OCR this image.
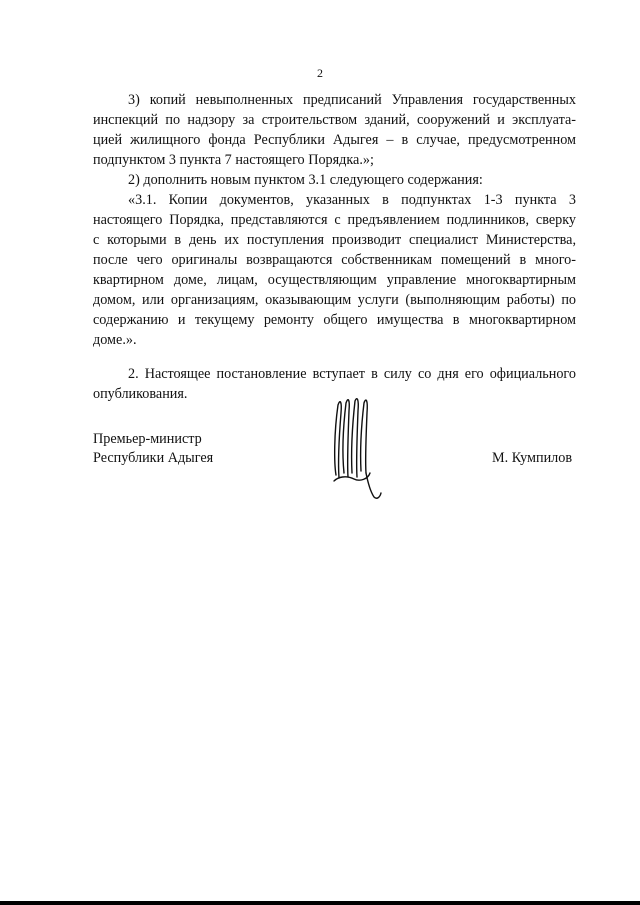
2
3) копий невыполненных предписаний Управления государственных
инспекций по надзору за строительством зданий, сооружений и эксплуата-
цией жилищного фонда Республики Адыгея – в случае, предусмотренном
подпунктом 3 пункта 7 настоящего Порядка.»;
2) дополнить новым пунктом 3.1 следующего содержания:
«3.1. Копии документов, указанных в подпунктах 1-3 пункта 3
настоящего Порядка, представляются с предъявлением подлинников, сверку
с которыми в день их поступления производит специалист Министерства,
после чего оригиналы возвращаются собственникам помещений в много-
квартирном доме, лицам, осуществляющим управление многоквартирным
домом, или организациям, оказывающим услуги (выполняющим работы) по
содержанию и текущему ремонту общего имущества в многоквартирном
доме.».
2. Настоящее постановление вступает в силу со дня его официального
опубликования.
Премьер-министр
Республики Адыгея	М. Кумпилов
